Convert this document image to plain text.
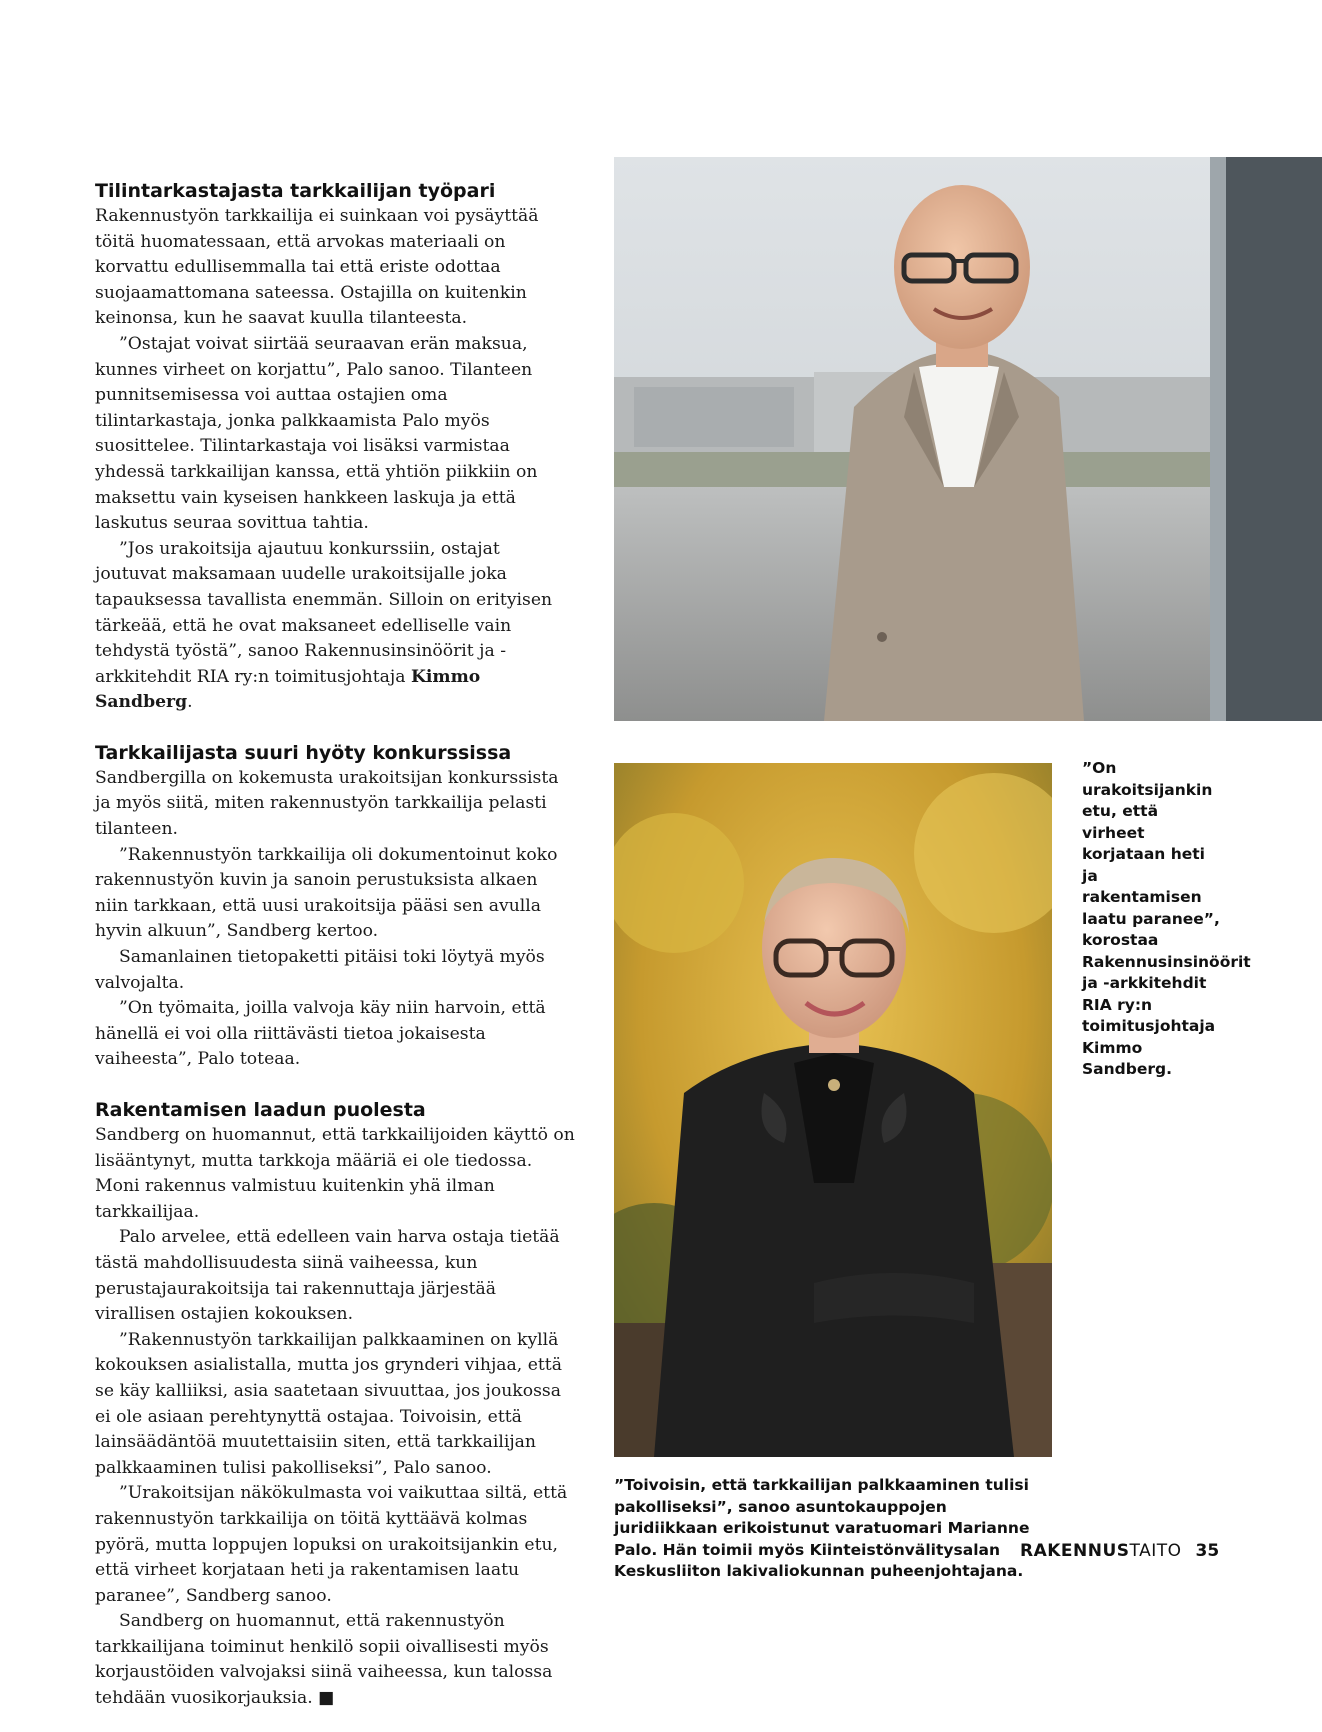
Tilintarkastajasta tarkkailijan työpari

Rakennustyön tarkkailija ei suinkaan voi pysäyttää töitä huomatessaan, että arvokas materiaali on korvattu edullisemmalla tai että eriste odottaa suojaamattomana sateessa. Ostajilla on kuitenkin keinonsa, kun he saavat kuulla tilanteesta.

”Ostajat voivat siirtää seuraavan erän maksua, kunnes virheet on korjattu”, Palo sanoo. Tilanteen punnitsemisessa voi auttaa ostajien oma tilintarkastaja, jonka palkkaamista Palo myös suosittelee. Tilintarkastaja voi lisäksi varmistaa yhdessä tarkkailijan kanssa, että yhtiön piikkiin on maksettu vain kyseisen hankkeen laskuja ja että laskutus seuraa sovittua tahtia.

”Jos urakoitsija ajautuu konkurssiin, ostajat joutuvat maksamaan uudelle urakoitsijalle joka tapauksessa tavallista enemmän. Silloin on erityisen tärkeää, että he ovat maksaneet edelliselle vain tehdystä työstä”, sanoo Rakennusinsinöörit ja -arkkitehdit RIA ry:n toimitusjohtaja Kimmo Sandberg.

Tarkkailijasta suuri hyöty konkurssissa

Sandbergilla on kokemusta urakoitsijan konkurssista ja myös siitä, miten rakennustyön tarkkailija pelasti tilanteen.

”Rakennustyön tarkkailija oli dokumentoinut koko rakennustyön kuvin ja sanoin perustuksista alkaen niin tarkkaan, että uusi urakoitsija pääsi sen avulla hyvin alkuun”, Sandberg kertoo.

Samanlainen tietopaketti pitäisi toki löytyä myös valvojalta.

”On työmaita, joilla valvoja käy niin harvoin, että hänellä ei voi olla riittävästi tietoa jokaisesta vaiheesta”, Palo toteaa.

Rakentamisen laadun puolesta

Sandberg on huomannut, että tarkkailijoiden käyttö on lisääntynyt, mutta tarkkoja määriä ei ole tiedossa. Moni rakennus valmistuu kuitenkin yhä ilman tarkkailijaa.

Palo arvelee, että edelleen vain harva ostaja tietää tästä mahdollisuudesta siinä vaiheessa, kun perustajaurakoitsija tai rakennuttaja järjestää virallisen ostajien kokouksen.

”Rakennustyön tarkkailijan palkkaaminen on kyllä kokouksen asialistalla, mutta jos grynderi vihjaa, että se käy kalliiksi, asia saatetaan sivuuttaa, jos joukossa ei ole asiaan perehtynyttä ostajaa. Toivoisin, että lainsäädäntöä muutettaisiin siten, että tarkkailijan palkkaaminen tulisi pakolliseksi”, Palo sanoo.

”Urakoitsijan näkökulmasta voi vaikuttaa siltä, että rakennustyön tarkkailija on töitä kyttäävä kolmas pyörä, mutta loppujen lopuksi on urakoitsijankin etu, että virheet korjataan heti ja rakentamisen laatu paranee”, Sandberg sanoo.

Sandberg on huomannut, että rakennustyön tarkkailijana toiminut henkilö sopii oivallisesti myös korjaustöiden valvojaksi siinä vaiheessa, kun talossa tehdään vuosikorjauksia. ■

”On urakoitsijankin etu, että virheet korjataan heti ja rakentamisen laatu paranee”, korostaa Rakennusinsinöörit ja -arkkitehdit RIA ry:n toimitusjohtaja Kimmo Sandberg.
”Toivoisin, että tarkkailijan palkkaaminen tulisi pakolliseksi”, sanoo asuntokauppojen juridiikkaan erikoistunut varatuomari Marianne Palo. Hän toimii myös Kiinteistönvälitysalan Keskusliiton lakivaliokunnan puheenjohtajana.
RAKENNUSTAITO 35
